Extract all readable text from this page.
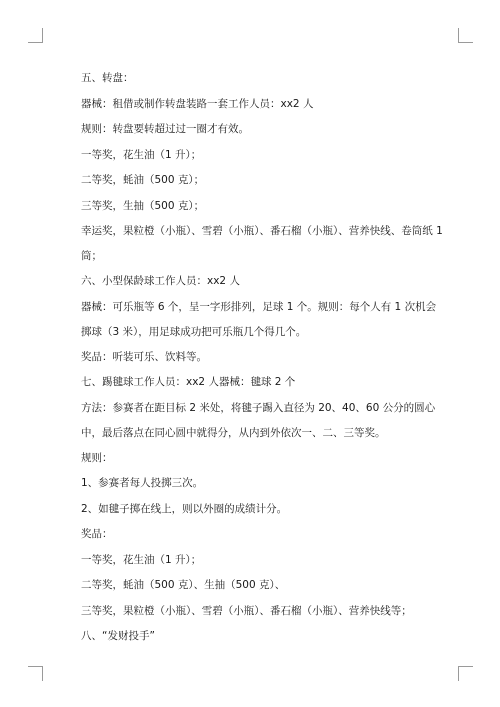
五、转盘：

器械：租借或制作转盘装路一套工作人员：xx2 人

规则：转盘要转超过过一圈才有效。

一等奖，花生油（1 升）；

二等奖，蚝油（500 克）；

三等奖，生抽（500 克）；

幸运奖，果粒橙（小瓶）、雪碧（小瓶）、番石榴（小瓶）、营养快线、卷筒纸 1 筒；

六、小型保龄球工作人员：xx2 人

器械：可乐瓶等 6 个，呈一字形排列，足球 1 个。规则：每个人有 1 次机会掷球（3 米），用足球成功把可乐瓶几个得几个。

奖品：听装可乐、饮料等。

七、踢毽球工作人员：xx2 人器械：毽球 2 个

方法：参赛者在距目标 2 米处，将毽子踢入直径为 20、40、60 公分的圆心中，最后落点在同心圆中就得分，从内到外依次一、二、三等奖。

规则：

1、参赛者每人投掷三次。

2、如毽子掷在线上，则以外圈的成绩计分。

奖品：

一等奖，花生油（1 升）；

二等奖，蚝油（500 克）、生抽（500 克）、

三等奖，果粒橙（小瓶）、雪碧（小瓶）、番石榴（小瓶）、营养快线等；

八、“发财投手”
